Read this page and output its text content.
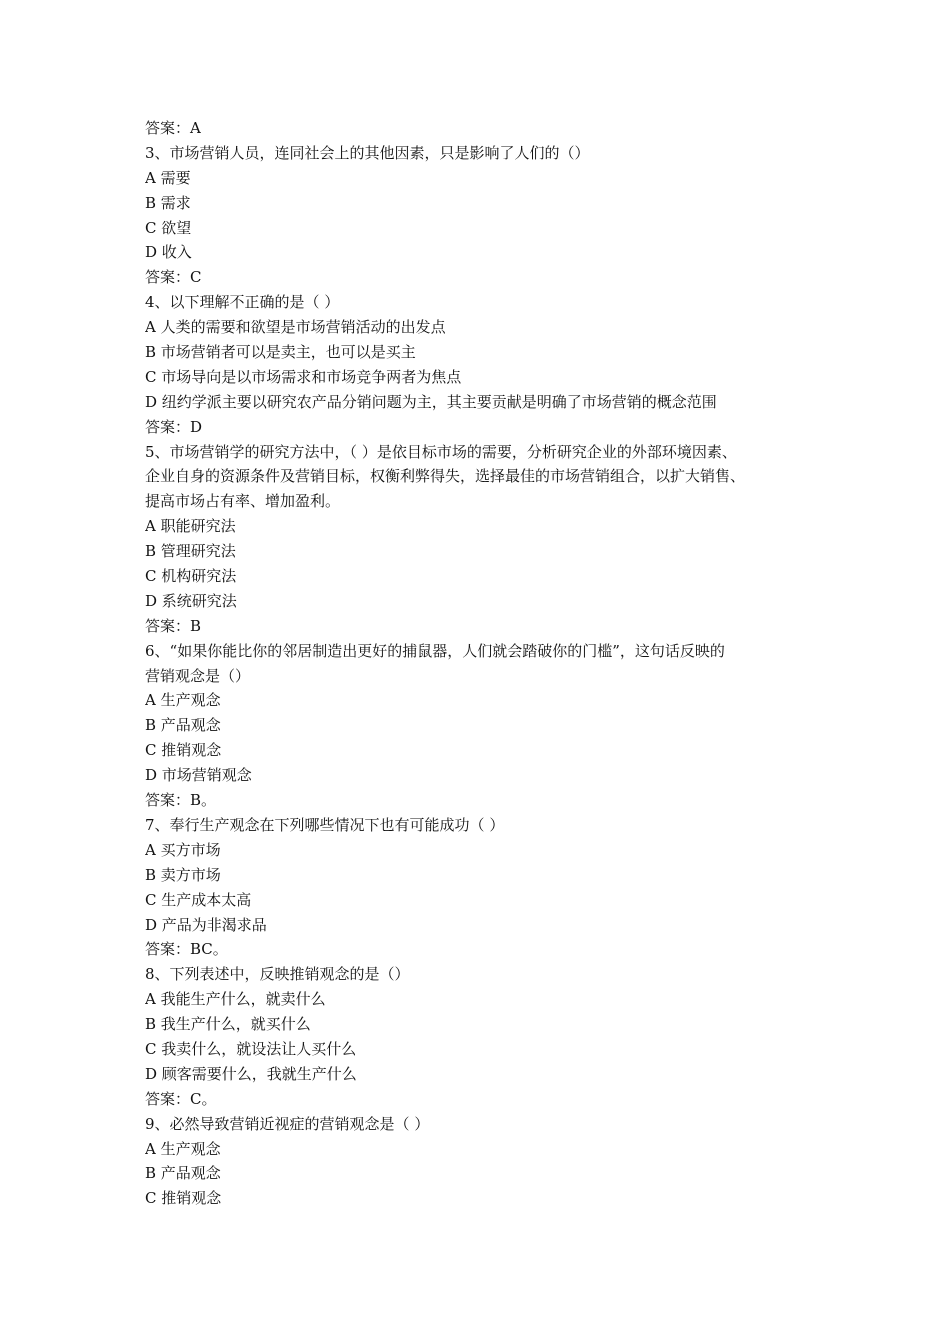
答案：A
3、市场营销人员，连同社会上的其他因素，只是影响了人们的（）
A 需要
B 需求
C 欲望
D 收入
答案：C
4、以下理解不正确的是（ ）
A 人类的需要和欲望是市场营销活动的出发点
B 市场营销者可以是卖主，也可以是买主
C 市场导向是以市场需求和市场竞争两者为焦点
D 纽约学派主要以研究农产品分销问题为主，其主要贡献是明确了市场营销的概念范围
答案：D
5、市场营销学的研究方法中，（ ）是依目标市场的需要，分析研究企业的外部环境因素、
企业自身的资源条件及营销目标，权衡利弊得失，选择最佳的市场营销组合，以扩大销售、
提高市场占有率、增加盈利。
A 职能研究法
B 管理研究法
C 机构研究法
D 系统研究法
答案：B
6、“如果你能比你的邻居制造出更好的捕鼠器，人们就会踏破你的门槛”，这句话反映的
营销观念是（）
A 生产观念
B 产品观念
C 推销观念
D 市场营销观念
答案：B。
7、奉行生产观念在下列哪些情况下也有可能成功（ ）
A 买方市场
B 卖方市场
C 生产成本太高
D 产品为非渴求品
答案：BC。
8、下列表述中，反映推销观念的是（）
A 我能生产什么，就卖什么
B 我生产什么，就买什么
C 我卖什么，就设法让人买什么
D 顾客需要什么，我就生产什么
答案：C。
9、必然导致营销近视症的营销观念是（ ）
A 生产观念
B 产品观念
C 推销观念
